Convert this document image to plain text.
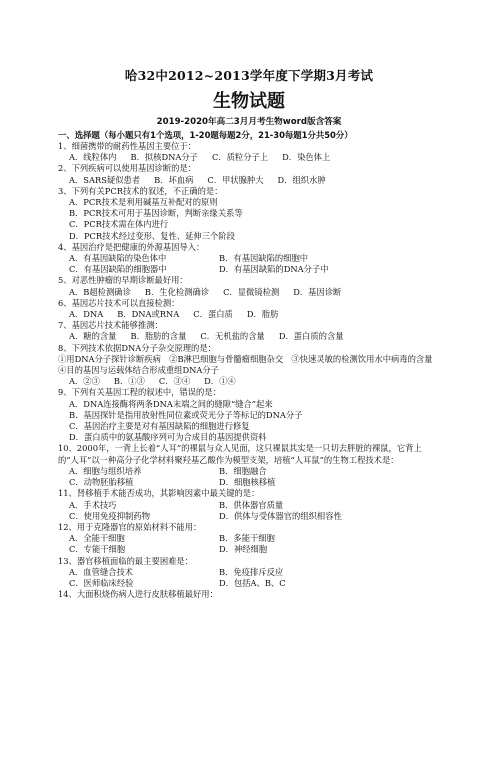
哈32中2012~2013学年度下学期3月考试
生物试题
2019-2020年高二3月月考生物word版含答案
一、选择题（每小题只有1个选项，1-20题每题2分，21-30每题1分共50分）
1、细菌携带的耐药性基因主要位于：
A．线粒体内 B．拟核DNA分子 C．质粒分子上 D．染色体上
2、下列疾病可以使用基因诊断的是：
A．SARS疑似患者 B．坏血病 C．甲状腺肿大 D．组织水肿
3、下列有关PCR技术的叙述，不正确的是：
A．PCR技术是利用碱基互补配对的原则
B．PCR技术可用于基因诊断，判断亲缘关系等
C．PCR技术需在体内进行
D．PCR技术经过变形、复性、延伸三个阶段
4、基因治疗是把健康的外源基因导入：
A．有基因缺陷的染色体中	B．有基因缺陷的细胞中
C．有基因缺陷的细胞器中	D．有基因缺陷的DNA分子中
5、对恶性肿瘤的早期诊断最好用：
A．B超检测确诊 B．生化检测确诊 C．显微镜检测 D．基因诊断
6、基因芯片技术可以直接检测：
A．DNA B．DNA或RNA C．蛋白质 D．脂肪
7、基因芯片技术能够推测：
A．糖的含量 B．脂肪的含量 C．无机盐的含量 D．蛋白质的含量
8、下列技术依据DNA分子杂交原理的是：
①用DNA分子探针诊断疾病　②B淋巴细胞与骨髓瘤细胞杂交　③快速灵敏的检测饮用水中病毒的含量　④目的基因与运载体结合形成重组DNA分子
A．②③ B．①③ C．③④ D．①④
9、下列有关基因工程的叙述中，错误的是：
A．DNA连接酶将两条DNA末端之间的缝隙“缝合”起来
B．基因探针是指用放射性同位素或荧光分子等标记的DNA分子
C．基因治疗主要是对有基因缺陷的细胞进行修复
D．蛋白质中的氨基酸序列可为合成目的基因提供资料
10、2000年，一背上长着“人耳”的裸鼠与众人见面，这只裸鼠其实是一只切去胖脏的裸鼠，它背上的“人耳”以一种高分子化学材料聚羟基乙酸作为模型支架，培植“人耳鼠”的生物工程技术是：
A．细胞与组织培养	B．细胞融合
C．动物胚胎移植	D．细胞核移植
11、肾移植手术能否成功，其影响因素中最关键的是：
A．手术技巧	B．供体器官质量
C．使用免疫抑制药物	D．供体与受体器官的组织相容性
12、用于克隆器官的原始材料不能用：
A．全能干细胞	B．多能干细胞
C．专能干细胞	D．神经细胞
13、器官移植面临的最主要困难是：
A．血管缝合技术	B．免疫排斥反应
C．医师临床经验	D．包括A、B、C
14、大面积烧伤病人进行皮肤移植最好用：
